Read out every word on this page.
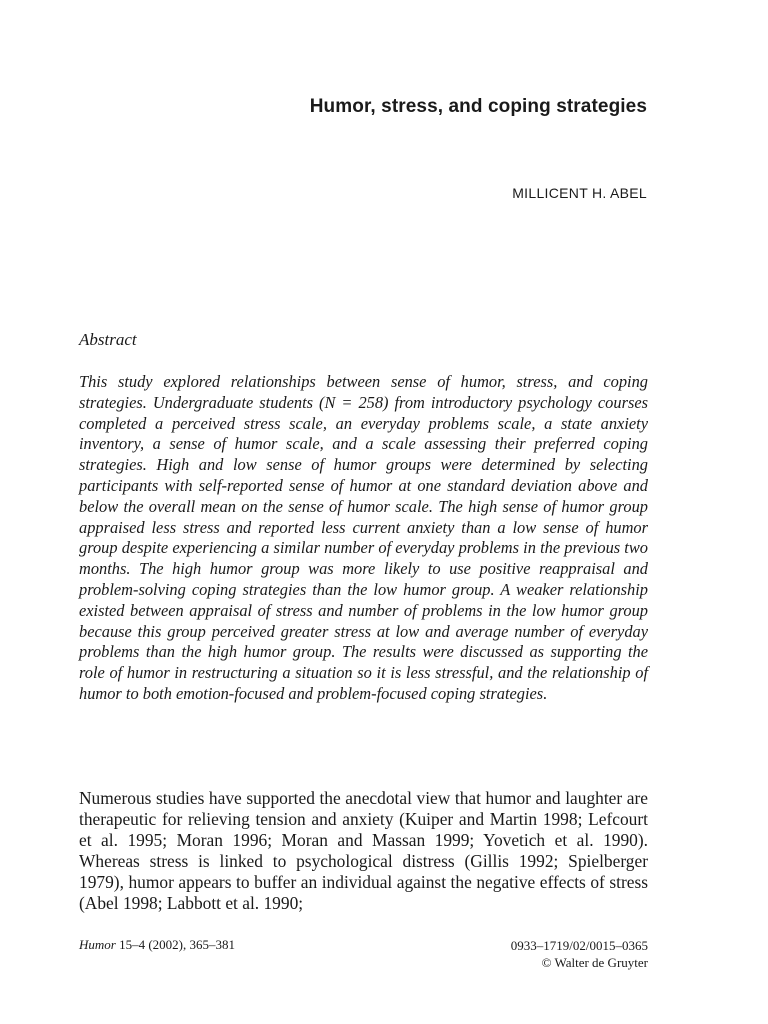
Humor, stress, and coping strategies
MILLICENT H. ABEL
Abstract

This study explored relationships between sense of humor, stress, and coping strategies. Undergraduate students (N = 258) from introductory psychology courses completed a perceived stress scale, an everyday problems scale, a state anxiety inventory, a sense of humor scale, and a scale assessing their preferred coping strategies. High and low sense of humor groups were determined by selecting participants with self-reported sense of humor at one standard deviation above and below the overall mean on the sense of humor scale. The high sense of humor group appraised less stress and reported less current anxiety than a low sense of humor group despite experiencing a similar number of everyday problems in the previous two months. The high humor group was more likely to use positive reappraisal and problem-solving coping strategies than the low humor group. A weaker relationship existed between appraisal of stress and number of problems in the low humor group because this group perceived greater stress at low and average number of everyday problems than the high humor group. The results were discussed as supporting the role of humor in restructuring a situation so it is less stressful, and the relationship of humor to both emotion-focused and problem-focused coping strategies.

Numerous studies have supported the anecdotal view that humor and laughter are therapeutic for relieving tension and anxiety (Kuiper and Martin 1998; Lefcourt et al. 1995; Moran 1996; Moran and Massan 1999; Yovetich et al. 1990). Whereas stress is linked to psychological distress (Gillis 1992; Spielberger 1979), humor appears to buffer an individual against the negative effects of stress (Abel 1998; Labbott et al. 1990;

Humor 15–4 (2002), 365–381	0933–1719/02/0015–0365
© Walter de Gruyter
